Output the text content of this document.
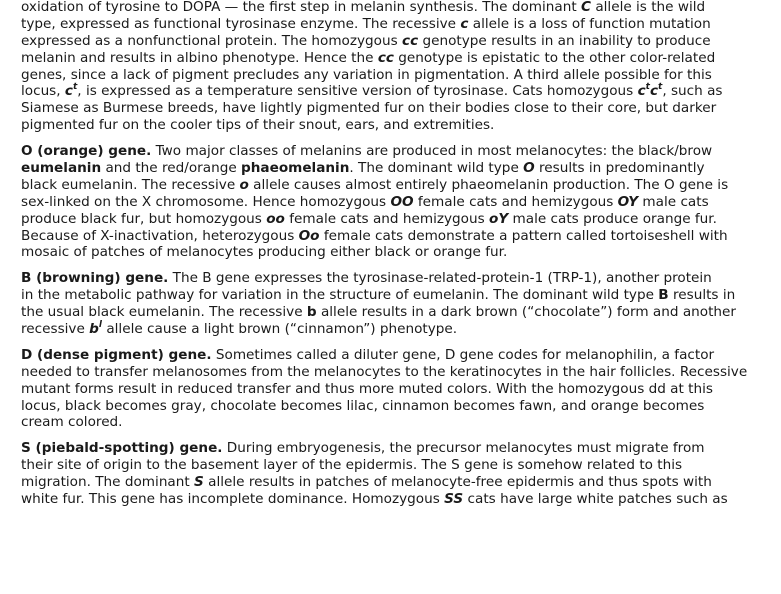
oxidation of tyrosine to DOPA — the first step in melanin synthesis. The dominant C allele is the wild
type, expressed as functional tyrosinase enzyme. The recessive c allele is a loss of function mutation
expressed as a nonfunctional protein. The homozygous cc genotype results in an inability to produce
melanin and results in albino phenotype. Hence the cc genotype is epistatic to the other color-related
genes, since a lack of pigment precludes any variation in pigmentation. A third allele possible for this
locus, $c^t$, is expressed as a temperature sensitive version of tyrosinase. Cats homozygous $c^tc^t$, such as
Siamese as Burmese breeds, have lightly pigmented fur on their bodies close to their core, but darker
pigmented fur on the cooler tips of their snout, ears, and extremities.
O (orange) gene. Two major classes of melanins are produced in most melanocytes: the black/brow
eumelanin and the red/orange phaeomelanin. The dominant wild type O results in predominantly
black eumelanin. The recessive o allele causes almost entirely phaeomelanin production. The O gene is
sex-linked on the X chromosome. Hence homozygous OO female cats and hemizygous OY male cats
produce black fur, but homozygous oo female cats and hemizygous oY male cats produce orange fur.
Because of X-inactivation, heterozygous Oo female cats demonstrate a pattern called tortoiseshell with
mosaic of patches of melanocytes producing either black or orange fur.
B (browning) gene. The B gene expresses the tyrosinase-related-protein-1 (TRP-1), another protein
in the metabolic pathway for variation in the structure of eumelanin. The dominant wild type B results in
the usual black eumelanin. The recessive b allele results in a dark brown (“chocolate”) form and another
recessive $b^l$ allele cause a light brown (“cinnamon”) phenotype.
D (dense pigment) gene. Sometimes called a diluter gene, D gene codes for melanophilin, a factor
needed to transfer melanosomes from the melanocytes to the keratinocytes in the hair follicles. Recessive
mutant forms result in reduced transfer and thus more muted colors. With the homozygous dd at this
locus, black becomes gray, chocolate becomes lilac, cinnamon becomes fawn, and orange becomes
cream colored.
S (piebald-spotting) gene. During embryogenesis, the precursor melanocytes must migrate from
their site of origin to the basement layer of the epidermis. The S gene is somehow related to this
migration. The dominant S allele results in patches of melanocyte-free epidermis and thus spots with
white fur. This gene has incomplete dominance. Homozygous SS cats have large white patches such as
